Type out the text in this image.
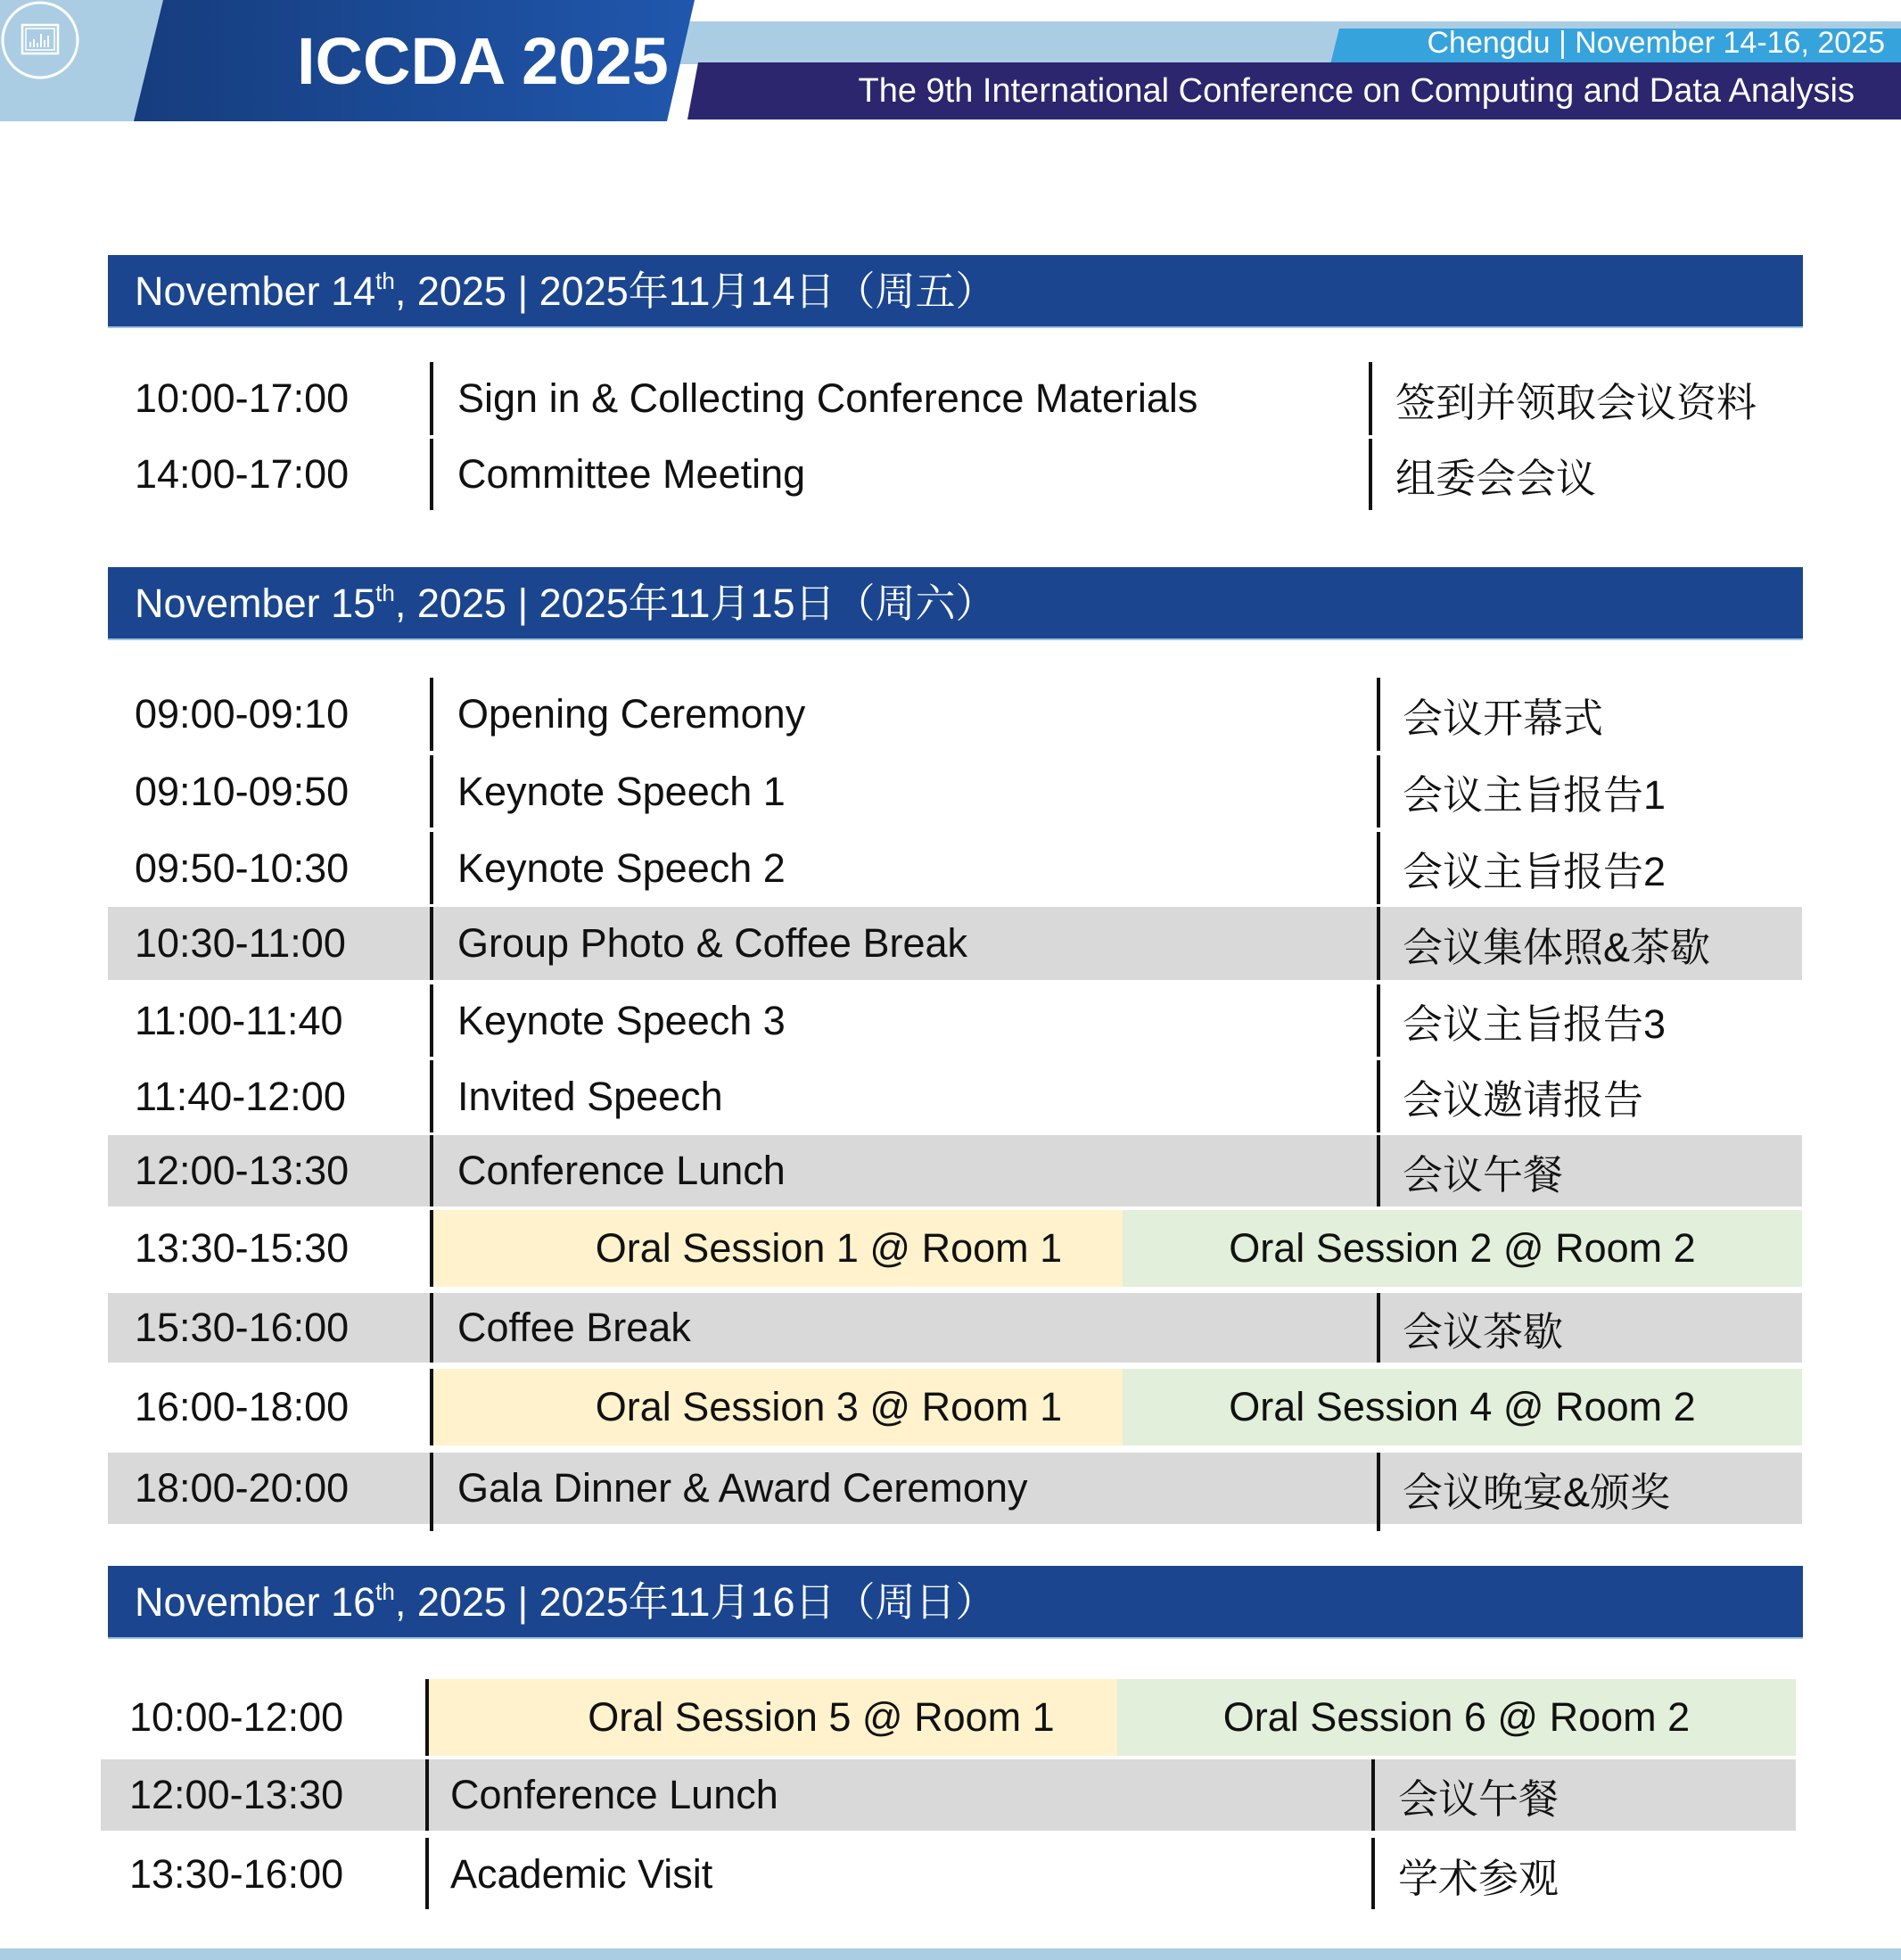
ICCDA 2025	Chengdu | November 14-16, 2025
The 9th International Conference on Computing and Data Analysis
November 14th, 2025 | 2025年11月14日（周五）
10:00-17:00	Sign in & Collecting Conference Materials	签到并领取会议资料
14:00-17:00	Committee Meeting	组委会会议
November 15th, 2025 | 2025年11月15日（周六）
09:00-09:10	Opening Ceremony	会议开幕式
09:10-09:50	Keynote Speech 1	会议主旨报告1
09:50-10:30	Keynote Speech 2	会议主旨报告2
10:30-11:00	Group Photo & Coffee Break	会议集体照&茶歇
11:00-11:40	Keynote Speech 3	会议主旨报告3
11:40-12:00	Invited Speech	会议邀请报告
12:00-13:30	Conference Lunch	会议午餐
13:30-15:30	Oral Session 1 @ Room 1	Oral Session 2 @ Room 2
15:30-16:00	Coffee Break	会议茶歇
16:00-18:00	Oral Session 3 @ Room 1	Oral Session 4 @ Room 2
18:00-20:00	Gala Dinner & Award Ceremony	会议晚宴&颁奖
November 16th, 2025 | 2025年11月16日（周日）
10:00-12:00	Oral Session 5 @ Room 1	Oral Session 6 @ Room 2
12:00-13:30	Conference Lunch	会议午餐
13:30-16:00	Academic Visit	学术参观
